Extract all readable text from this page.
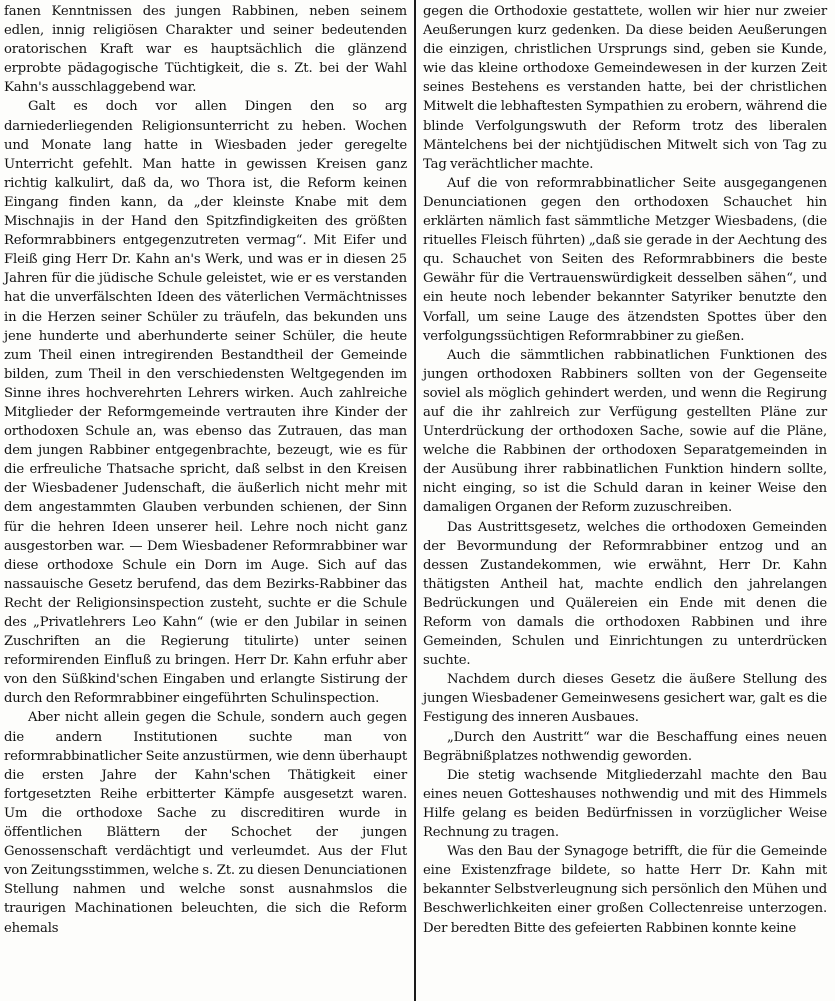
fanen Kenntnissen des jungen Rabbinen, neben seinem edlen, innig religiösen Charakter und seiner bedeutenden oratorischen Kraft war es hauptsächlich die glänzend erprobte pädagogische Tüchtigkeit, die s. Zt. bei der Wahl Kahn's ausschlaggebend war.

Galt es doch vor allen Dingen den so arg darniederliegenden Religionsunterricht zu heben. Wochen und Monate lang hatte in Wiesbaden jeder geregelte Unterricht gefehlt. Man hatte in gewissen Kreisen ganz richtig kalkulirt, daß da, wo Thora ist, die Reform keinen Eingang finden kann, da „der kleinste Knabe mit dem Mischnajis in der Hand den Spitzfindigkeiten des größten Reformrabbiners entgegenzutreten vermag“. Mit Eifer und Fleiß ging Herr Dr. Kahn an's Werk, und was er in diesen 25 Jahren für die jüdische Schule geleistet, wie er es verstanden hat die unverfälschten Ideen des väterlichen Vermächtnisses in die Herzen seiner Schüler zu träufeln, das bekunden uns jene hunderte und aberhunderte seiner Schüler, die heute zum Theil einen intregirenden Bestandtheil der Gemeinde bilden, zum Theil in den verschiedensten Weltgegenden im Sinne ihres hochverehrten Lehrers wirken. Auch zahlreiche Mitglieder der Reformgemeinde vertrauten ihre Kinder der orthodoxen Schule an, was ebenso das Zutrauen, das man dem jungen Rabbiner entgegenbrachte, bezeugt, wie es für die erfreuliche Thatsache spricht, daß selbst in den Kreisen der Wiesbadener Judenschaft, die äußerlich nicht mehr mit dem angestammten Glauben verbunden schienen, der Sinn für die hehren Ideen unserer heil. Lehre noch nicht ganz ausgestorben war. — Dem Wiesbadener Reformrabbiner war diese orthodoxe Schule ein Dorn im Auge. Sich auf das nassauische Gesetz berufend, das dem Bezirks-Rabbiner das Recht der Religionsinspection zusteht, suchte er die Schule des „Privatlehrers Leo Kahn“ (wie er den Jubilar in seinen Zuschriften an die Regierung titulirte) unter seinen reformirenden Einfluß zu bringen. Herr Dr. Kahn erfuhr aber von den Süßkind'schen Eingaben und erlangte Sistirung der durch den Reformrabbiner eingeführten Schulinspection.

Aber nicht allein gegen die Schule, sondern auch gegen die andern Institutionen suchte man von reformrabbinatlicher Seite anzustürmen, wie denn überhaupt die ersten Jahre der Kahn'schen Thätigkeit einer fortgesetzten Reihe erbitterter Kämpfe ausgesetzt waren. Um die orthodoxe Sache zu discreditiren wurde in öffentlichen Blättern der Schochet der jungen Genossenschaft verdächtigt und verleumdet. Aus der Flut von Zeitungsstimmen, welche s. Zt. zu diesen Denunciationen Stellung nahmen und welche sonst ausnahmslos die traurigen Machinationen beleuchten, die sich die Reform ehemals

gegen die Orthodoxie gestattete, wollen wir hier nur zweier Aeußerungen kurz gedenken. Da diese beiden Aeußerungen die einzigen, christlichen Ursprungs sind, geben sie Kunde, wie das kleine orthodoxe Gemeindewesen in der kurzen Zeit seines Bestehens es verstanden hatte, bei der christlichen Mitwelt die lebhaftesten Sympathien zu erobern, während die blinde Verfolgungswuth der Reform trotz des liberalen Mäntelchens bei der nichtjüdischen Mitwelt sich von Tag zu Tag verächtlicher machte.

Auf die von reformrabbinatlicher Seite ausgegangenen Denunciationen gegen den orthodoxen Schauchet hin erklärten nämlich fast sämmtliche Metzger Wiesbadens, (die rituelles Fleisch führten) „daß sie gerade in der Aechtung des qu. Schauchet von Seiten des Reformrabbiners die beste Gewähr für die Vertrauenswürdigkeit desselben sähen“, und ein heute noch lebender bekannter Satyriker benutzte den Vorfall, um seine Lauge des ätzendsten Spottes über den verfolgungssüchtigen Reformrabbiner zu gießen.

Auch die sämmtlichen rabbinatlichen Funktionen des jungen orthodoxen Rabbiners sollten von der Gegenseite soviel als möglich gehindert werden, und wenn die Regirung auf die ihr zahlreich zur Verfügung gestellten Pläne zur Unterdrückung der orthodoxen Sache, sowie auf die Pläne, welche die Rabbinen der orthodoxen Separatgemeinden in der Ausübung ihrer rabbinatlichen Funktion hindern sollte, nicht einging, so ist die Schuld daran in keiner Weise den damaligen Organen der Reform zuzuschreiben.

Das Austrittsgesetz, welches die orthodoxen Gemeinden der Bevormundung der Reformrabbiner entzog und an dessen Zustandekommen, wie erwähnt, Herr Dr. Kahn thätigsten Antheil hat, machte endlich den jahrelangen Bedrückungen und Quälereien ein Ende mit denen die Reform von damals die orthodoxen Rabbinen und ihre Gemeinden, Schulen und Einrichtungen zu unterdrücken suchte.

Nachdem durch dieses Gesetz die äußere Stellung des jungen Wiesbadener Gemeinwesens gesichert war, galt es die Festigung des inneren Ausbaues.

„Durch den Austritt“ war die Beschaffung eines neuen Begräbnißplatzes nothwendig geworden.

Die stetig wachsende Mitgliederzahl machte den Bau eines neuen Gotteshauses nothwendig und mit des Himmels Hilfe gelang es beiden Bedürfnissen in vorzüglicher Weise Rechnung zu tragen.

Was den Bau der Synagoge betrifft, die für die Gemeinde eine Existenzfrage bildete, so hatte Herr Dr. Kahn mit bekannter Selbstverleugnung sich persönlich den Mühen und Beschwerlichkeiten einer großen Collectenreise unterzogen. Der beredten Bitte des gefeierten Rabbinen konnte keine
